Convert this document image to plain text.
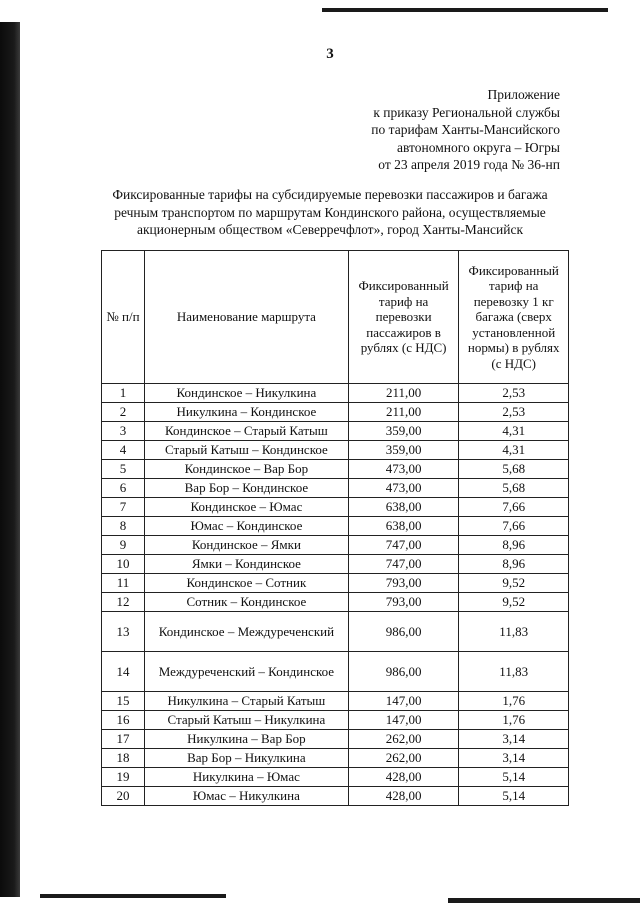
3
Приложение
к приказу Региональной службы
по тарифам Ханты-Мансийского
автономного округа – Югры
от 23 апреля 2019 года № 36-нп
Фиксированные тарифы на субсидируемые перевозки пассажиров и багажа
речным транспортом по маршрутам Кондинского района, осуществляемые
акционерным обществом «Северречфлот», город Ханты-Мансийск
№ п/п	Наименование маршрута	Фиксированный тариф на перевозки пассажиров в рублях (с НДС)	Фиксированный тариф на перевозку 1 кг багажа (сверх установленной нормы) в рублях (с НДС)
1	Кондинское – Никулкина	211,00	2,53
2	Никулкина – Кондинское	211,00	2,53
3	Кондинское – Старый Катыш	359,00	4,31
4	Старый Катыш – Кондинское	359,00	4,31
5	Кондинское – Вар Бор	473,00	5,68
6	Вар Бор – Кондинское	473,00	5,68
7	Кондинское – Юмас	638,00	7,66
8	Юмас – Кондинское	638,00	7,66
9	Кондинское – Ямки	747,00	8,96
10	Ямки – Кондинское	747,00	8,96
11	Кондинское – Сотник	793,00	9,52
12	Сотник – Кондинское	793,00	9,52
13	Кондинское – Междуреченский	986,00	11,83
14	Междуреченский – Кондинское	986,00	11,83
15	Никулкина – Старый Катыш	147,00	1,76
16	Старый Катыш – Никулкина	147,00	1,76
17	Никулкина – Вар Бор	262,00	3,14
18	Вар Бор – Никулкина	262,00	3,14
19	Никулкина – Юмас	428,00	5,14
20	Юмас – Никулкина	428,00	5,14
